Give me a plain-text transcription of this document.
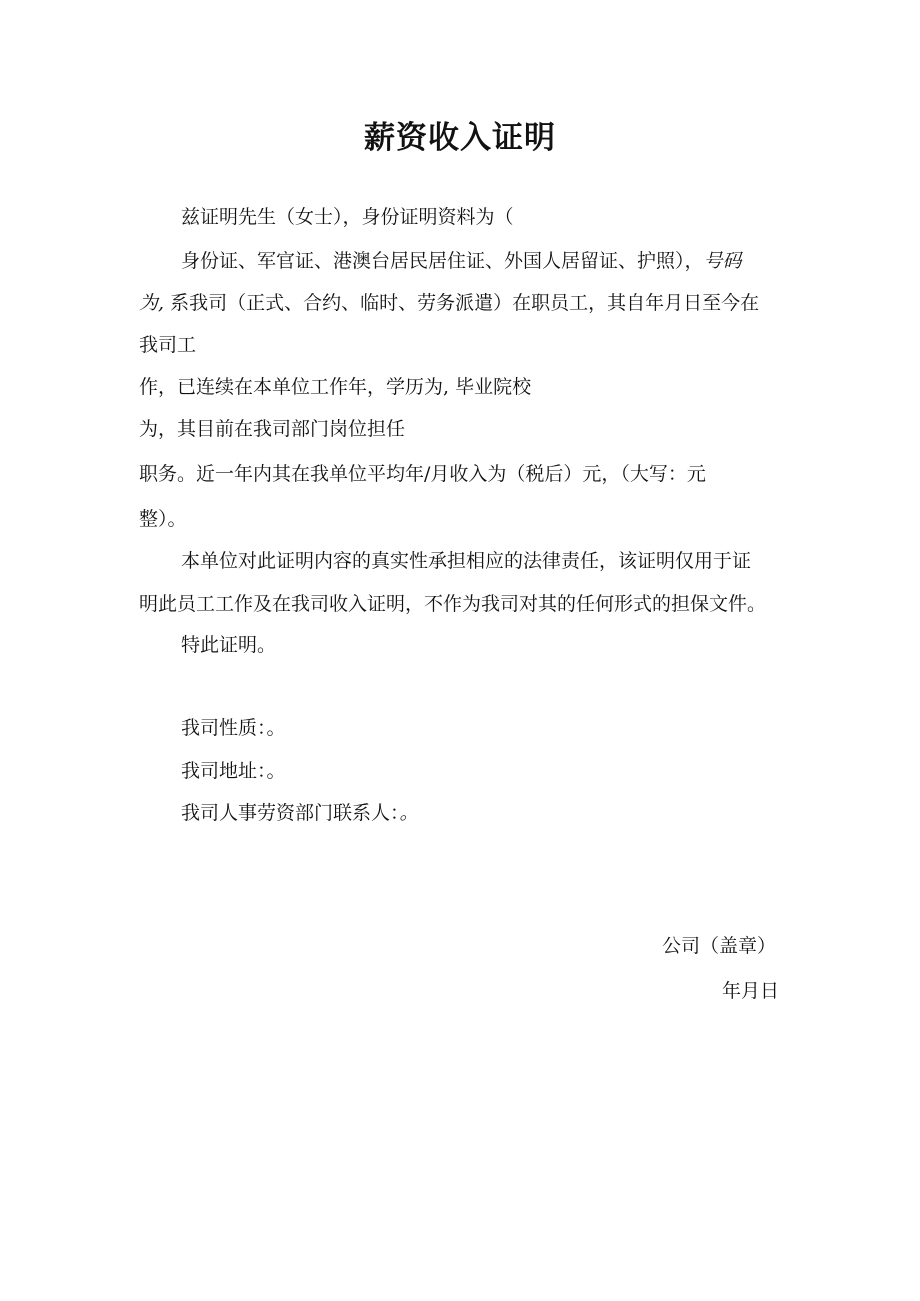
薪资收入证明
兹证明先生（女士），身份证明资料为（
身份证、军官证、港澳台居民居住证、外国人居留证、护照），号码
为, 系我司（正式、合约、临时、劳务派遣）在职员工，其自年月日至今在
我司工
作，已连续在本单位工作年，学历为, 毕业院校
为，其目前在我司部门岗位担任
职务。近一年内其在我单位平均年/月收入为（税后）元，（大写：元
整）。
本单位对此证明内容的真实性承担相应的法律责任，该证明仅用于证
明此员工工作及在我司收入证明，不作为我司对其的任何形式的担保文件。
特此证明。
我司性质：。
我司地址：。
我司人事劳资部门联系人：。
公司（盖章）
年月日
